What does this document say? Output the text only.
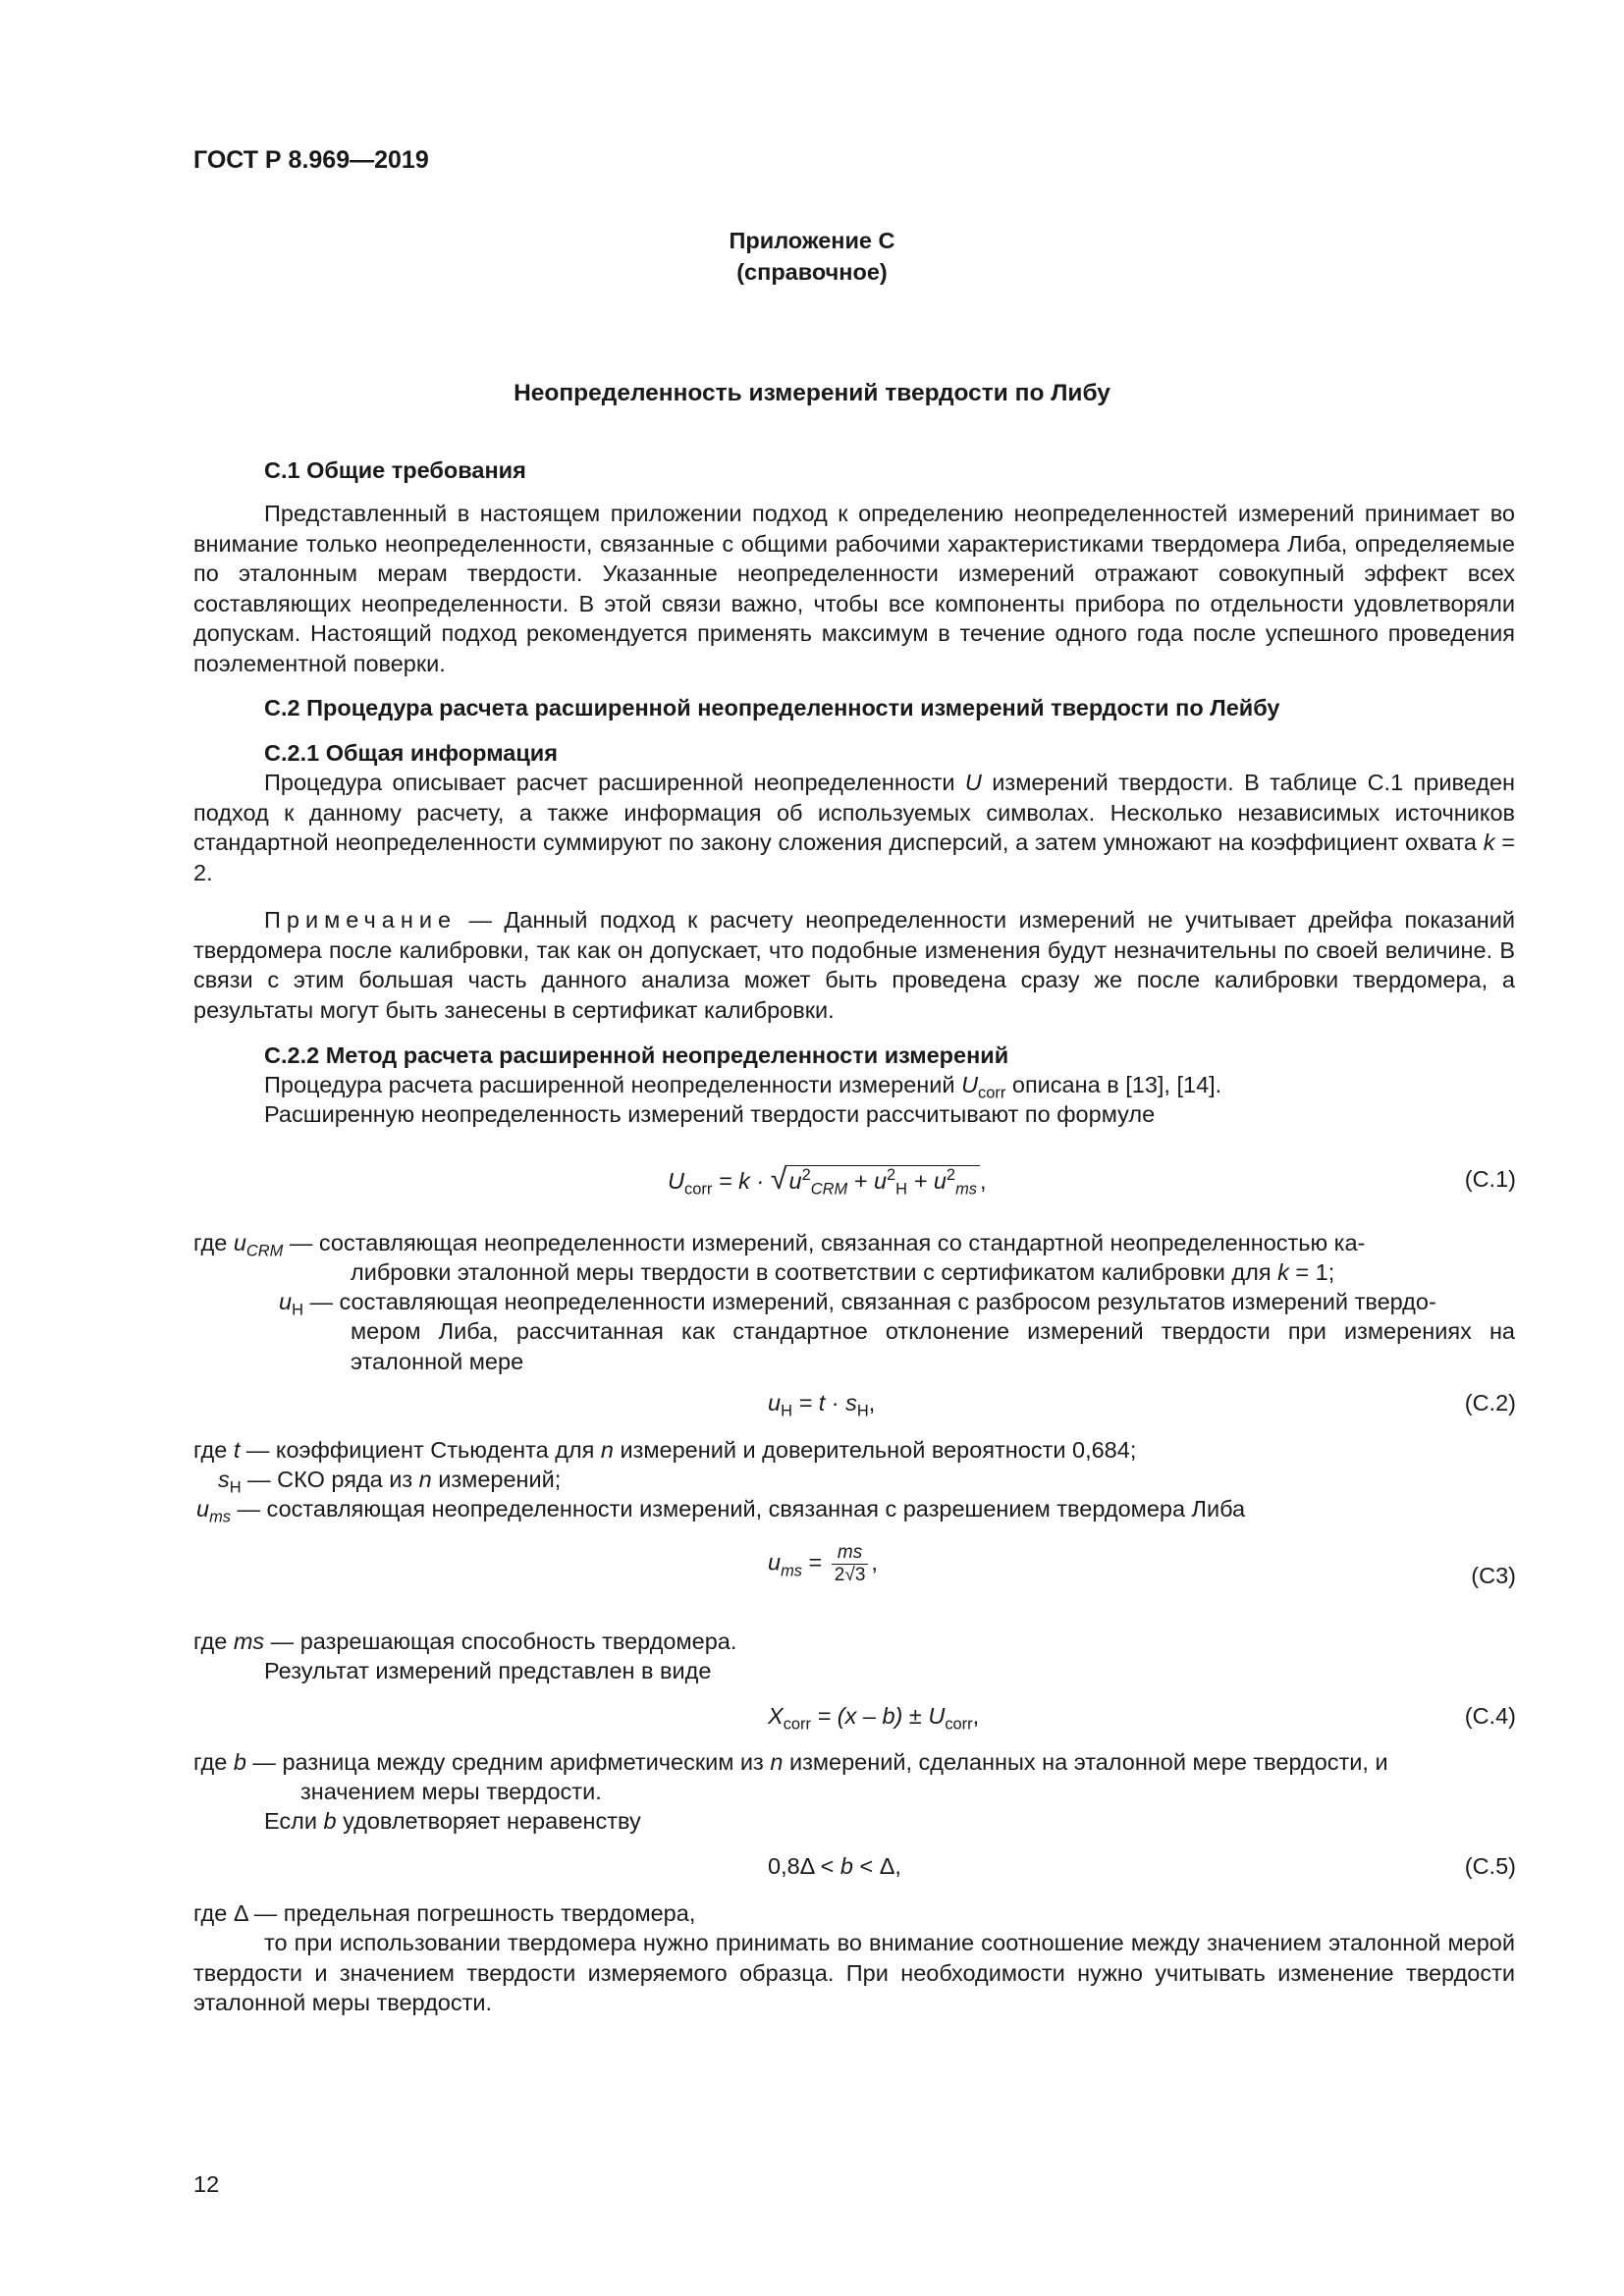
ГОСТ Р 8.969—2019
Приложение С
(справочное)
Неопределенность измерений твердости по Либу
С.1 Общие требования
Представленный в настоящем приложении подход к определению неопределенностей измерений принимает во внимание только неопределенности, связанные с общими рабочими характеристиками твердомера Либа, определяемые по эталонным мерам твердости. Указанные неопределенности измерений отражают совокупный эффект всех составляющих неопределенности. В этой связи важно, чтобы все компоненты прибора по отдельности удовлетворяли допускам. Настоящий подход рекомендуется применять максимум в течение одного года после успешного проведения поэлементной поверки.
С.2 Процедура расчета расширенной неопределенности измерений твердости по Лейбу
С.2.1 Общая информация
Процедура описывает расчет расширенной неопределенности U измерений твердости. В таблице С.1 приведен подход к данному расчету, а также информация об используемых символах. Несколько независимых источников стандартной неопределенности суммируют по закону сложения дисперсий, а затем умножают на коэффициент охвата k = 2.
Примечание — Данный подход к расчету неопределенности измерений не учитывает дрейфа показаний твердомера после калибровки, так как он допускает, что подобные изменения будут незначительны по своей величине. В связи с этим большая часть данного анализа может быть проведена сразу же после калибровки твердомера, а результаты могут быть занесены в сертификат калибровки.
С.2.2 Метод расчета расширенной неопределенности измерений
Процедура расчета расширенной неопределенности измерений $U_{corr}$ описана в [13], [14].
Расширенную неопределенность измерений твердости рассчитывают по формуле
$U_{corr} = k \cdot √u^2_{CRM} + u^2_H + u^2_{ms}$ ,	(С.1)
где $u_{CRM}$ — составляющая неопределенности измерений, связанная со стандартной неопределенностью ка-
либровки эталонной меры твердости в соответствии с сертификатом калибровки для k = 1;
$u_H$ — составляющая неопределенности измерений, связанная с разбросом результатов измерений твердо-
мером Либа, рассчитанная как стандартное отклонение измерений твердости при измерениях на эталонной мере
$u_H = t \cdot s_H$,	(С.2)
где t — коэффициент Стьюдента для n измерений и доверительной вероятности 0,684;
$s_H$ — СКО ряда из n измерений;
$u_{ms}$ — составляющая неопределенности измерений, связанная с разрешением твердомера Либа
$u_{ms} = \frac{ms}{2√3}$ ,
(С3)
где ms — разрешающая способность твердомера.
Результат измерений представлен в виде
$X_{corr} = (x - b) \pm U_{corr}$,	(С.4)
где b — разница между средним арифметическим из n измерений, сделанных на эталонной мере твердости, и
значением меры твердости.
Если b удовлетворяет неравенству
0,8Δ < b < Δ,	(С.5)
где Δ — предельная погрешность твердомера,
то при использовании твердомера нужно принимать во внимание соотношение между значением эталонной мерой твердости и значением твердости измеряемого образца. При необходимости нужно учитывать изменение твердости эталонной меры твердости.
12
